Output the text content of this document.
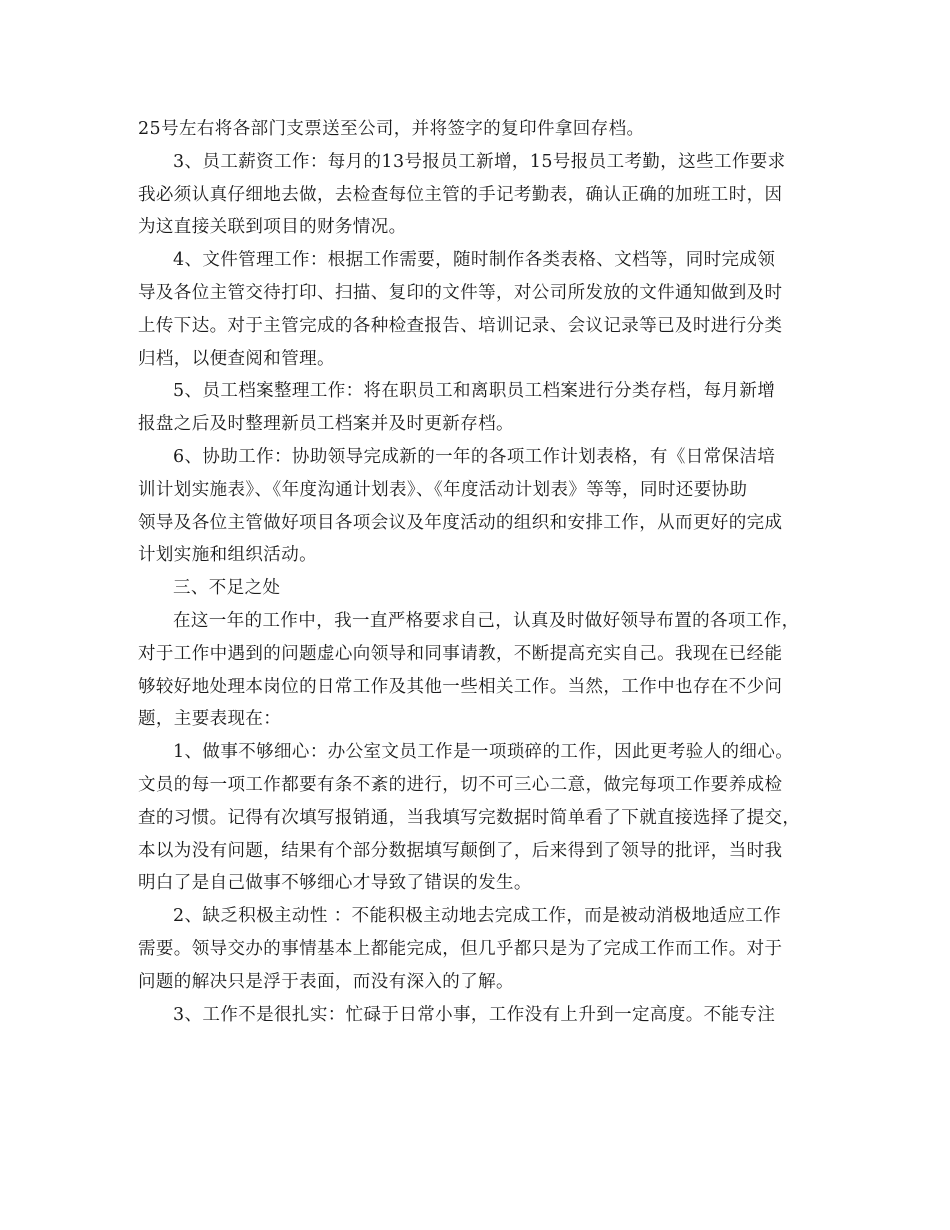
25号左右将各部门支票送至公司，并将签字的复印件拿回存档。
3、员工薪资工作：每月的13号报员工新增，15号报员工考勤，这些工作要求
我必须认真仔细地去做，去检查每位主管的手记考勤表，确认正确的加班工时，因
为这直接关联到项目的财务情况。
4、文件管理工作：根据工作需要，随时制作各类表格、文档等，同时完成领
导及各位主管交待打印、扫描、复印的文件等，对公司所发放的文件通知做到及时
上传下达。对于主管完成的各种检查报告、培训记录、会议记录等已及时进行分类
归档，以便查阅和管理。
5、员工档案整理工作：将在职员工和离职员工档案进行分类存档，每月新增
报盘之后及时整理新员工档案并及时更新存档。
6、协助工作：协助领导完成新的一年的各项工作计划表格，有《日常保洁培
训计划实施表》、《年度沟通计划表》、《年度活动计划表》等等，同时还要协助
领导及各位主管做好项目各项会议及年度活动的组织和安排工作，从而更好的完成
计划实施和组织活动。
三、不足之处
在这一年的工作中，我一直严格要求自己，认真及时做好领导布置的各项工作，
对于工作中遇到的问题虚心向领导和同事请教，不断提高充实自己。我现在已经能
够较好地处理本岗位的日常工作及其他一些相关工作。当然，工作中也存在不少问
题，主要表现在：
1、做事不够细心：办公室文员工作是一项琐碎的工作，因此更考验人的细心。
文员的每一项工作都要有条不紊的进行，切不可三心二意，做完每项工作要养成检
查的习惯。记得有次填写报销通，当我填写完数据时简单看了下就直接选择了提交，
本以为没有问题，结果有个部分数据填写颠倒了，后来得到了领导的批评，当时我
明白了是自己做事不够细心才导致了错误的发生。
2、缺乏积极主动性 ：不能积极主动地去完成工作，而是被动消极地适应工作
需要。领导交办的事情基本上都能完成，但几乎都只是为了完成工作而工作。对于
问题的解决只是浮于表面，而没有深入的了解。
3、工作不是很扎实：忙碌于日常小事，工作没有上升到一定高度。不能专注
